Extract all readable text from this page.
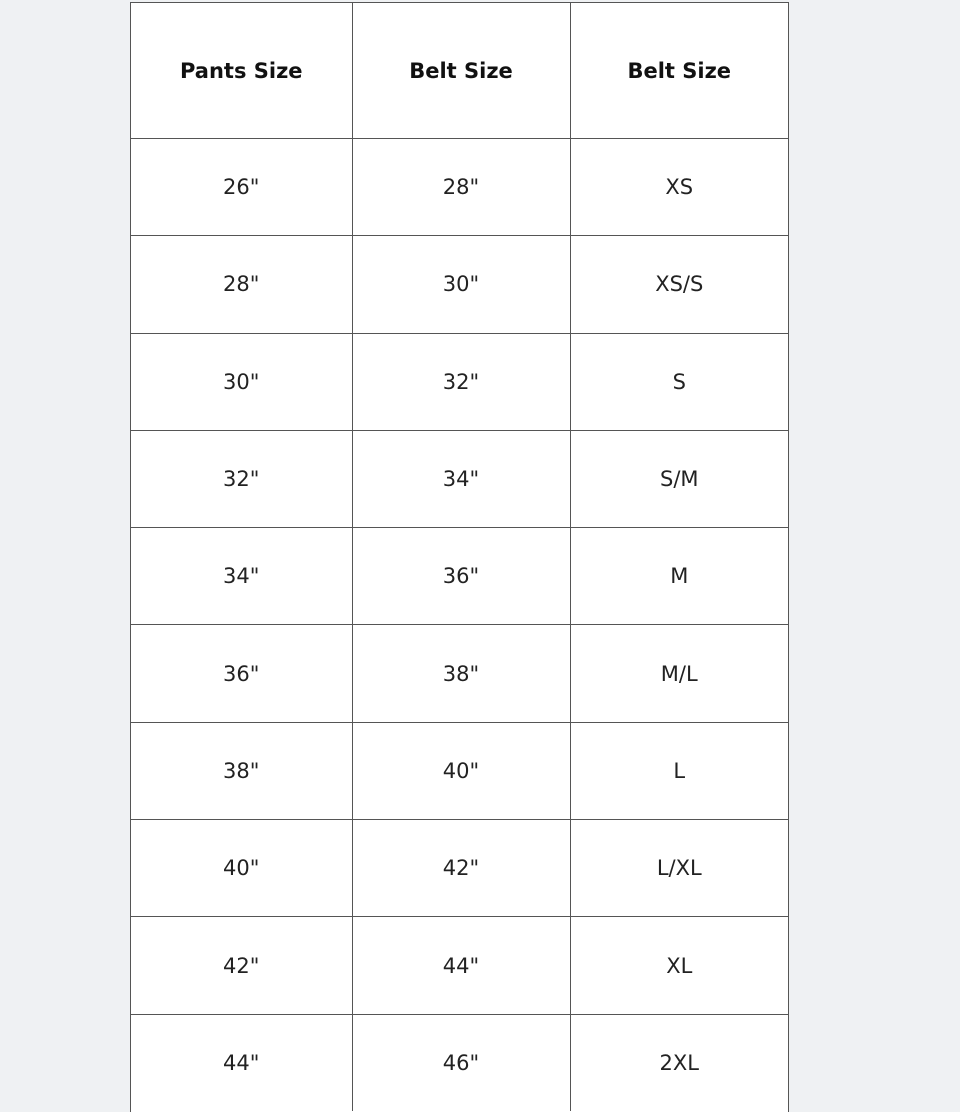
Pants Size	Belt Size	Belt Size
26"	28"	XS
28"	30"	XS/S
30"	32"	S
32"	34"	S/M
34"	36"	M
36"	38"	M/L
38"	40"	L
40"	42"	L/XL
42"	44"	XL
44"	46"	2XL
